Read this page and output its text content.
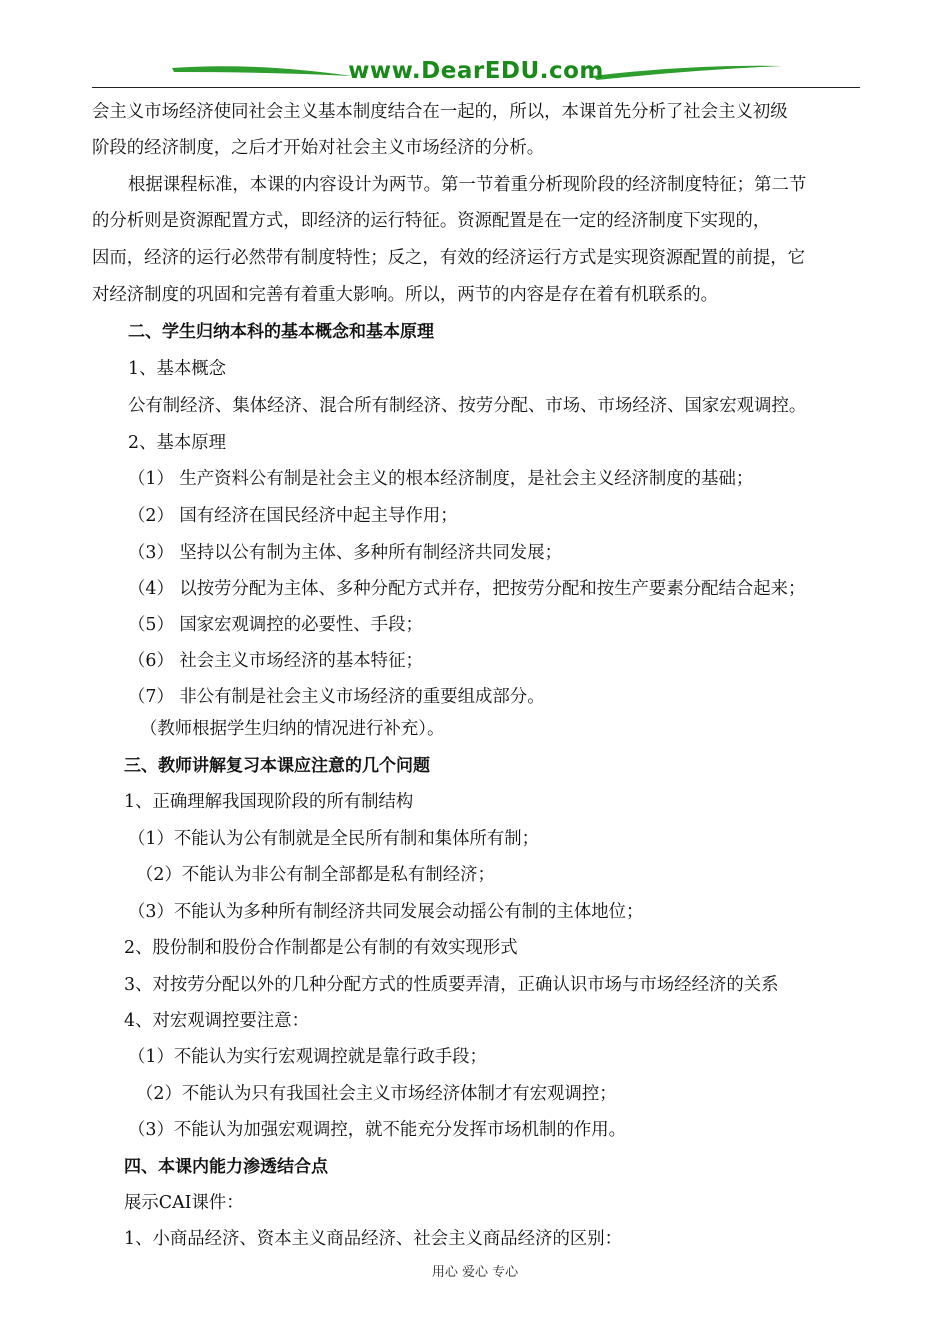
www.DearEDU.com
会主义市场经济使同社会主义基本制度结合在一起的，所以，本课首先分析了社会主义初级
阶段的经济制度，之后才开始对社会主义市场经济的分析。
根据课程标准，本课的内容设计为两节。第一节着重分析现阶段的经济制度特征；第二节
的分析则是资源配置方式，即经济的运行特征。资源配置是在一定的经济制度下实现的，
因而，经济的运行必然带有制度特性；反之，有效的经济运行方式是实现资源配置的前提，它
对经济制度的巩固和完善有着重大影响。所以，两节的内容是存在着有机联系的。
二、学生归纳本科的基本概念和基本原理
1、基本概念
公有制经济、集体经济、混合所有制经济、按劳分配、市场、市场经济、国家宏观调控。
2、基本原理
（1） 生产资料公有制是社会主义的根本经济制度，是社会主义经济制度的基础；
（2） 国有经济在国民经济中起主导作用；
（3） 坚持以公有制为主体、多种所有制经济共同发展；
（4） 以按劳分配为主体、多种分配方式并存，把按劳分配和按生产要素分配结合起来；
（5） 国家宏观调控的必要性、手段；
（6） 社会主义市场经济的基本特征；
（7） 非公有制是社会主义市场经济的重要组成部分。
（教师根据学生归纳的情况进行补充）。
三、教师讲解复习本课应注意的几个问题
1、正确理解我国现阶段的所有制结构
（1）不能认为公有制就是全民所有制和集体所有制；
（2）不能认为非公有制全部都是私有制经济；
（3）不能认为多种所有制经济共同发展会动摇公有制的主体地位；
2、股份制和股份合作制都是公有制的有效实现形式
3、对按劳分配以外的几种分配方式的性质要弄清，正确认识市场与市场经经济的关系
4、对宏观调控要注意：
（1）不能认为实行宏观调控就是靠行政手段；
（2）不能认为只有我国社会主义市场经济体制才有宏观调控；
（3）不能认为加强宏观调控，就不能充分发挥市场机制的作用。
四、本课内能力渗透结合点
展示CAI课件：
1、小商品经济、资本主义商品经济、社会主义商品经济的区别：
用心 爱心 专心
